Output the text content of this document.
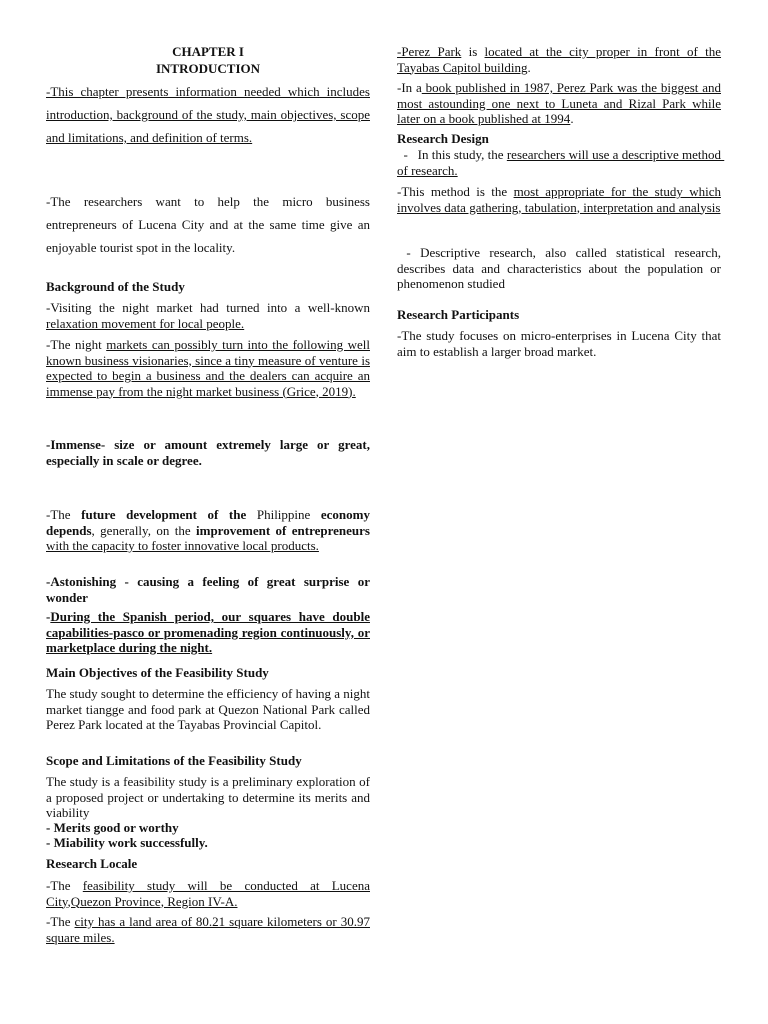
CHAPTER I
INTRODUCTION

-This chapter presents information needed which includes introduction, background of the study, main objectives, scope and limitations, and definition of terms.

-The researchers want to help the micro business entrepreneurs of Lucena City and at the same time give an enjoyable tourist spot in the locality.

Background of the Study

-Visiting the night market had turned into a well-known relaxation movement for local people.

-The night markets can possibly turn into the following well known business visionaries, since a tiny measure of venture is expected to begin a business and the dealers can acquire an immense pay from the night market business (Grice, 2019).

-Immense- size or amount extremely large or great, especially in scale or degree.

-The future development of the Philippine economy depends, generally, on the improvement of entrepreneurs with the capacity to foster innovative local products.

-Astonishing - causing a feeling of great surprise or wonder

-During the Spanish period, our squares have double capabilities-pasco or promenading region continuously, or marketplace during the night.

Main Objectives of the Feasibility Study

The study sought to determine the efficiency of having a night market tiangge and food park at Quezon National Park called Perez Park located at the Tayabas Provincial Capitol.

Scope and Limitations of the Feasibility Study

The study is a feasibility study is a preliminary exploration of a proposed project or undertaking to determine its merits and viability

- Merits good or worthy

- Miability work successfully.

Research Locale

-The feasibility study will be conducted at Lucena City,Quezon Province, Region IV-A.

-The city has a land area of 80.21 square kilometers or 30.97 square miles.

-Perez Park is located at the city proper in front of the Tayabas Capitol building.

-In a book published in 1987, Perez Park was the biggest and most astounding one next to Luneta and Rizal Park while later on a book published at 1994.

Research Design

-   In this study, the researchers will use a descriptive method of research.

-This method is the most appropriate for the study which involves data gathering, tabulation, interpretation and analysis

- Descriptive research, also called statistical research, describes data and characteristics about the population or phenomenon studied

Research Participants

-The study focuses on micro-enterprises in Lucena City that aim to establish a larger broad market.
